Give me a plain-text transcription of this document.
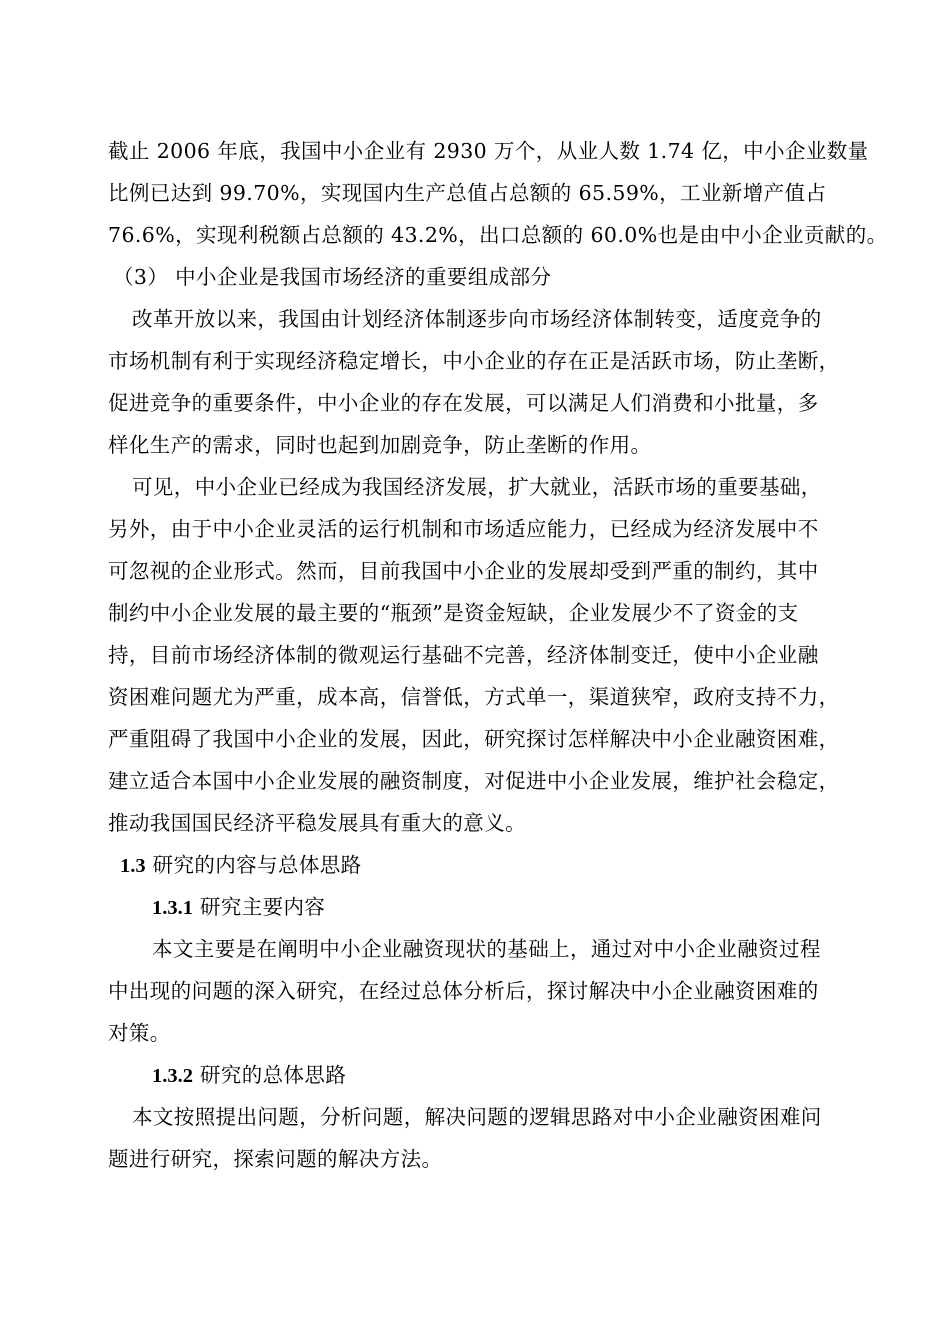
截止 2006 年底，我国中小企业有 2930 万个，从业人数 1.74 亿，中小企业数量
比例已达到 99.70%，实现国内生产总值占总额的 65.59%，工业新增产值占
76.6%，实现利税额占总额的 43.2%，出口总额的 60.0%也是由中小企业贡献的。
（3） 中小企业是我国市场经济的重要组成部分
改革开放以来，我国由计划经济体制逐步向市场经济体制转变，适度竞争的
市场机制有利于实现经济稳定增长，中小企业的存在正是活跃市场，防止垄断，
促进竞争的重要条件，中小企业的存在发展，可以满足人们消费和小批量，多
样化生产的需求，同时也起到加剧竞争，防止垄断的作用。
可见，中小企业已经成为我国经济发展，扩大就业，活跃市场的重要基础，
另外，由于中小企业灵活的运行机制和市场适应能力，已经成为经济发展中不
可忽视的企业形式。然而，目前我国中小企业的发展却受到严重的制约，其中
制约中小企业发展的最主要的“瓶颈”是资金短缺，企业发展少不了资金的支
持，目前市场经济体制的微观运行基础不完善，经济体制变迁，使中小企业融
资困难问题尤为严重，成本高，信誉低，方式单一，渠道狭窄，政府支持不力，
严重阻碍了我国中小企业的发展，因此，研究探讨怎样解决中小企业融资困难，
建立适合本国中小企业发展的融资制度，对促进中小企业发展，维护社会稳定，
推动我国国民经济平稳发展具有重大的意义。
1.3 研究的内容与总体思路
1.3.1 研究主要内容
本文主要是在阐明中小企业融资现状的基础上，通过对中小企业融资过程
中出现的问题的深入研究，在经过总体分析后，探讨解决中小企业融资困难的
对策。
1.3.2 研究的总体思路
本文按照提出问题，分析问题，解决问题的逻辑思路对中小企业融资困难问
题进行研究，探索问题的解决方法。
